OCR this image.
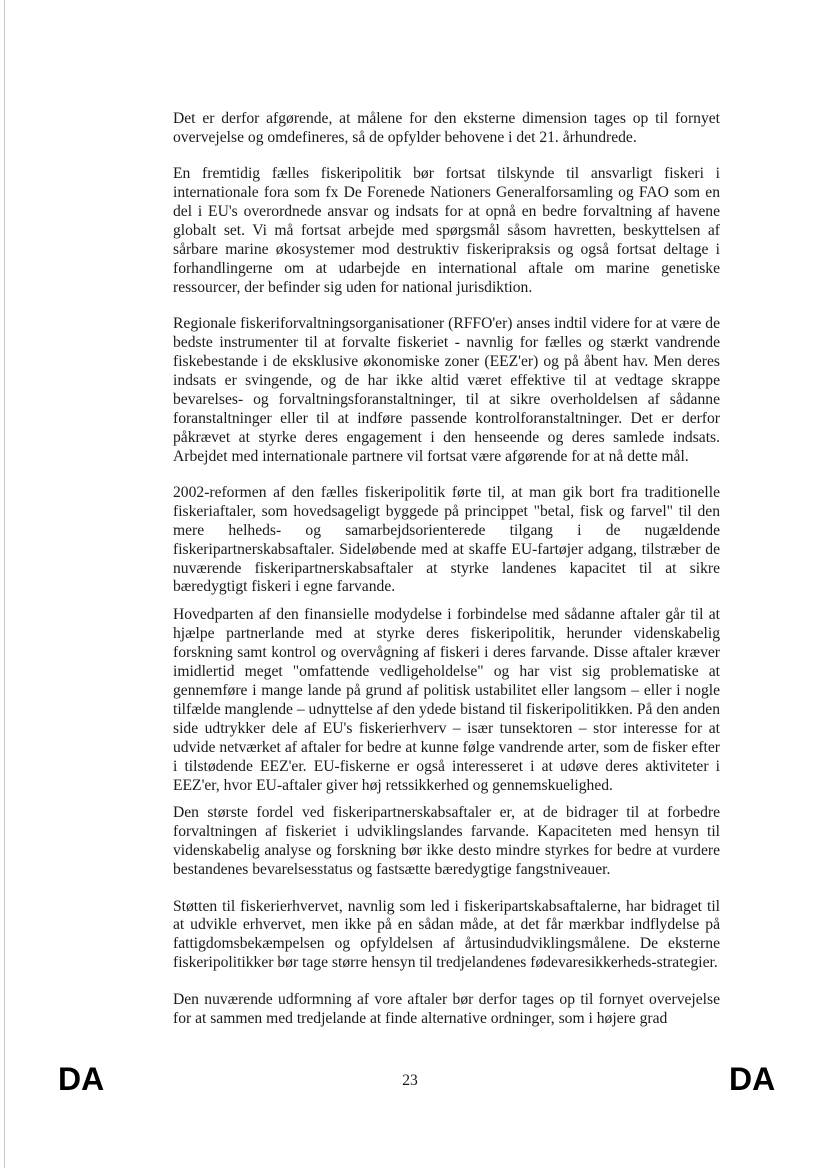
Det er derfor afgørende, at målene for den eksterne dimension tages op til fornyet overvejelse og omdefineres, så de opfylder behovene i det 21. århundrede.

En fremtidig fælles fiskeripolitik bør fortsat tilskynde til ansvarligt fiskeri i internationale fora som fx De Forenede Nationers Generalforsamling og FAO som en del i EU's overordnede ansvar og indsats for at opnå en bedre forvaltning af havene globalt set. Vi må fortsat arbejde med spørgsmål såsom havretten, beskyttelsen af sårbare marine økosystemer mod destruktiv fiskeripraksis og også fortsat deltage i forhandlingerne om at udarbejde en international aftale om marine genetiske ressourcer, der befinder sig uden for national jurisdiktion.

Regionale fiskeriforvaltningsorganisationer (RFFO'er) anses indtil videre for at være de bedste instrumenter til at forvalte fiskeriet - navnlig for fælles og stærkt vandrende fiskebestande i de eksklusive økonomiske zoner (EEZ'er) og på åbent hav. Men deres indsats er svingende, og de har ikke altid været effektive til at vedtage skrappe bevarelses- og forvaltningsforanstaltninger, til at sikre overholdelsen af sådanne foranstaltninger eller til at indføre passende kontrolforanstaltninger. Det er derfor påkrævet at styrke deres engagement i den henseende og deres samlede indsats. Arbejdet med internationale partnere vil fortsat være afgørende for at nå dette mål.

2002-reformen af den fælles fiskeripolitik førte til, at man gik bort fra traditionelle fiskeriaftaler, som hovedsageligt byggede på princippet "betal, fisk og farvel" til den mere helheds- og samarbejdsorienterede tilgang i de nugældende fiskeripartnerskabsaftaler. Sideløbende med at skaffe EU-fartøjer adgang, tilstræber de nuværende fiskeripartnerskabsaftaler at styrke landenes kapacitet til at sikre bæredygtigt fiskeri i egne farvande.

Hovedparten af den finansielle modydelse i forbindelse med sådanne aftaler går til at hjælpe partnerlande med at styrke deres fiskeripolitik, herunder videnskabelig forskning samt kontrol og overvågning af fiskeri i deres farvande. Disse aftaler kræver imidlertid meget "omfattende vedligeholdelse" og har vist sig problematiske at gennemføre i mange lande på grund af politisk ustabilitet eller langsom – eller i nogle tilfælde manglende – udnyttelse af den ydede bistand til fiskeripolitikken. På den anden side udtrykker dele af EU's fiskerierhverv – især tunsektoren – stor interesse for at udvide netværket af aftaler for bedre at kunne følge vandrende arter, som de fisker efter i tilstødende EEZ'er. EU-fiskerne er også interesseret i at udøve deres aktiviteter i EEZ'er, hvor EU-aftaler giver høj retssikkerhed og gennemskuelighed.

Den største fordel ved fiskeripartnerskabsaftaler er, at de bidrager til at forbedre forvaltningen af fiskeriet i udviklingslandes farvande. Kapaciteten med hensyn til videnskabelig analyse og forskning bør ikke desto mindre styrkes for bedre at vurdere bestandenes bevarelsesstatus og fastsætte bæredygtige fangstniveauer.

Støtten til fiskerierhvervet, navnlig som led i fiskeripartskabsaftalerne, har bidraget til at udvikle erhvervet, men ikke på en sådan måde, at det får mærkbar indflydelse på fattigdomsbekæmpelsen og opfyldelsen af årtusindudviklingsmålene. De eksterne fiskeripolitikker bør tage større hensyn til tredjelandenes fødevaresikkerheds-strategier.

Den nuværende udformning af vore aftaler bør derfor tages op til fornyet overvejelse for at sammen med tredjelande at finde alternative ordninger, som i højere grad

DA	23	DA
